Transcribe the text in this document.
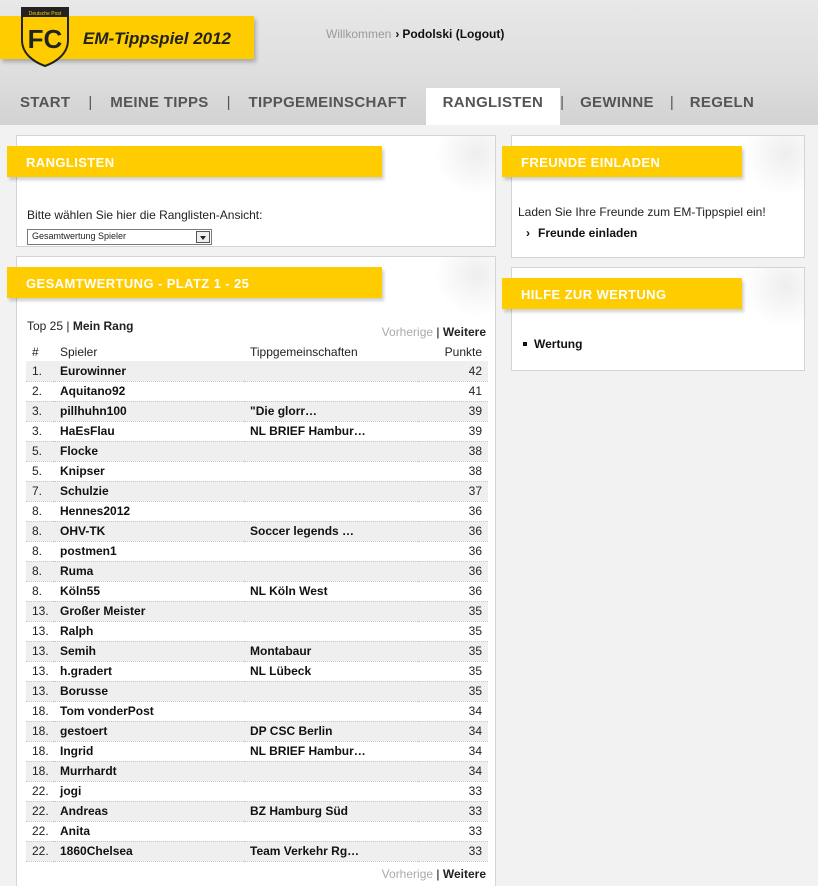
EM-Tippspiel 2012
Deutsche Post
FC	Willkommen › Podolski (Logout)
START | MEINE TIPPS | TIPPGEMEINSCHAFT	RANGLISTEN	| GEWINNE | REGELN
RANGLISTEN
Bitte wählen Sie hier die Ranglisten-Ansicht:
Gesamtwertung Spieler
GESAMTWERTUNG - PLATZ 1 - 25
Top 25 | Mein Rang	Vorherige | Weitere
#	Spieler	Tippgemeinschaften	Punkte
1.	Eurowinner		42
2.	Aquitano92		41
3.	pillhuhn100	"Die glorr…	39
3.	HaEsFlau	NL BRIEF Hambur…	39
5.	Flocke		38
5.	Knipser		38
7.	Schulzie		37
8.	Hennes2012		36
8.	OHV-TK	Soccer legends …	36
8.	postmen1		36
8.	Ruma		36
8.	Köln55	NL Köln West	36
13.	Großer Meister		35
13.	Ralph		35
13.	Semih	Montabaur	35
13.	h.gradert	NL Lübeck	35
13.	Borusse		35
18.	Tom vonderPost		34
18.	gestoert	DP CSC Berlin	34
18.	Ingrid	NL BRIEF Hambur…	34
18.	Murrhardt		34
22.	jogi		33
22.	Andreas	BZ Hamburg Süd	33
22.	Anita		33
22.	1860Chelsea	Team Verkehr Rg…	33
Vorherige | Weitere
FREUNDE EINLADEN
Laden Sie Ihre Freunde zum EM-Tippspiel ein!
› Freunde einladen
HILFE ZUR WERTUNG
Wertung
